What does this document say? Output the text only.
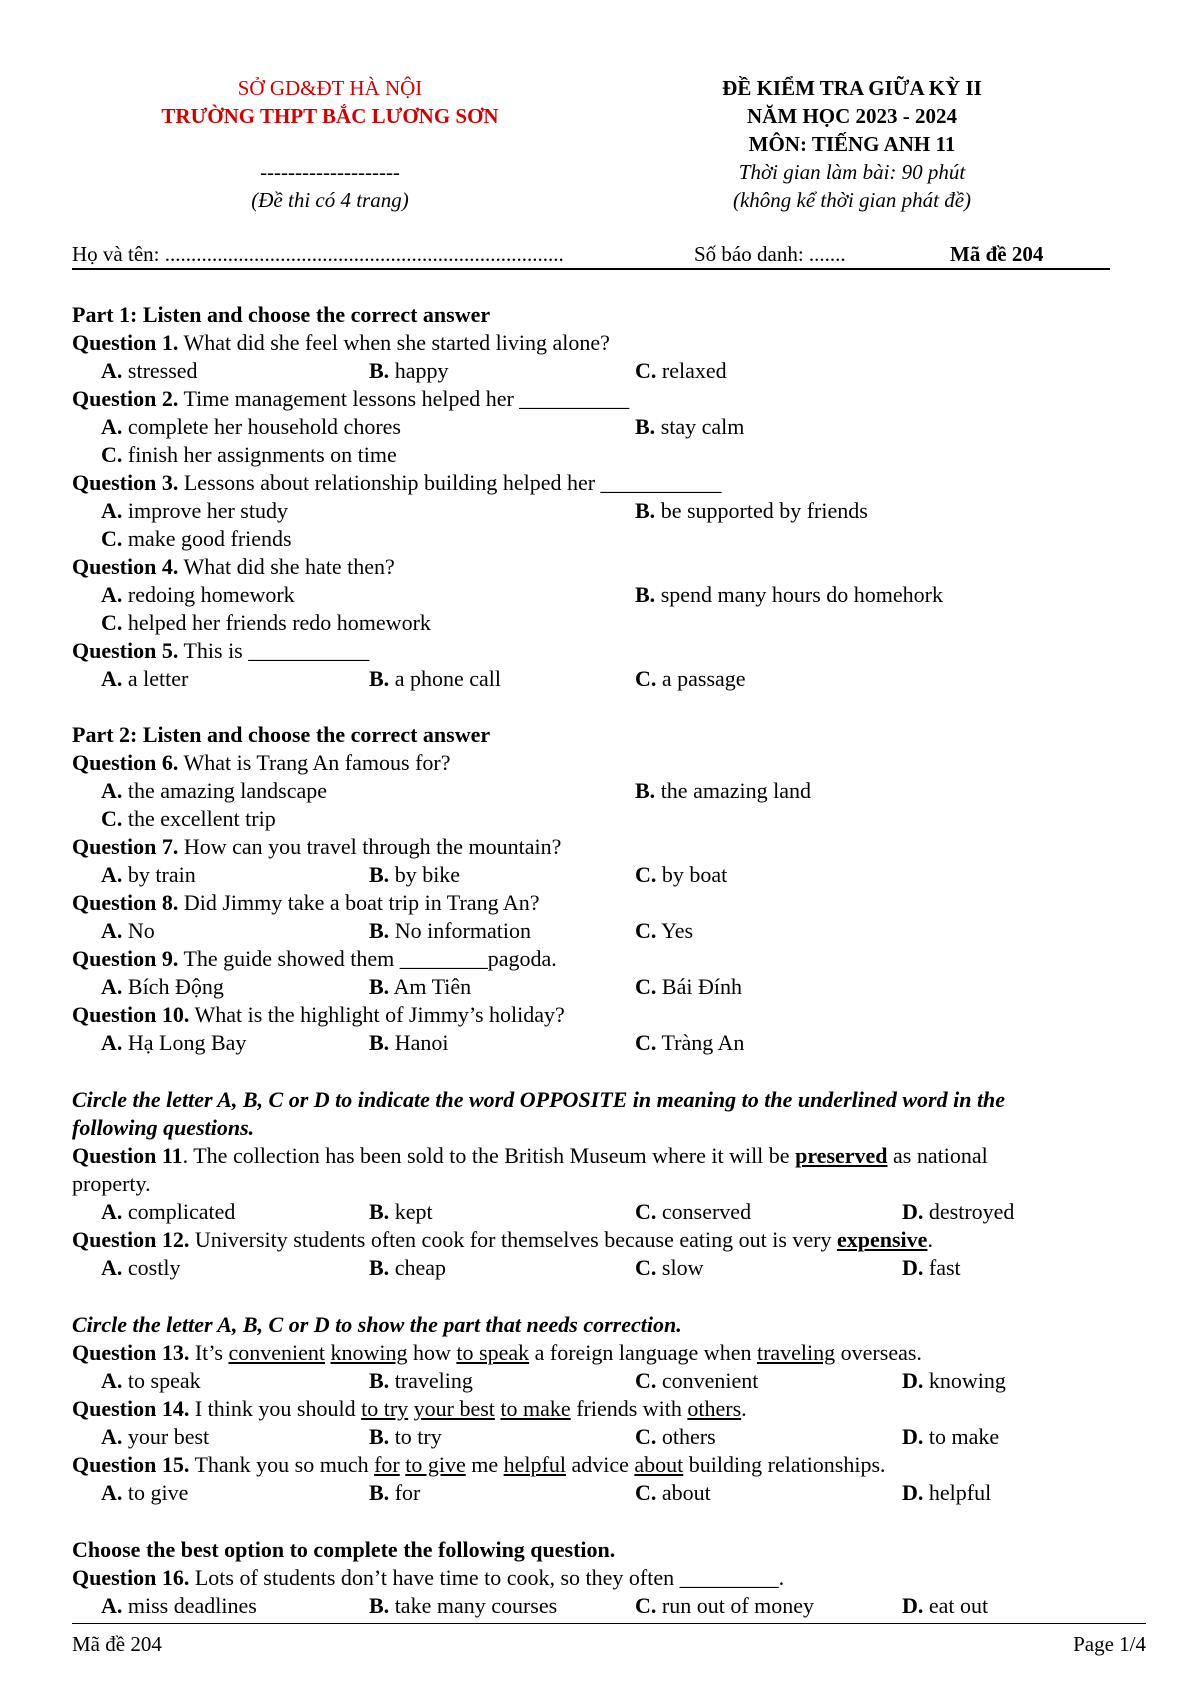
SỞ GD&ĐT HÀ NỘI
TRƯỜNG THPT BẮC LƯƠNG SƠN
--------------------
(Đề thi có 4 trang)
ĐỀ KIỂM TRA GIỮA KỲ II
NĂM HỌC 2023 - 2024
MÔN: TIẾNG ANH 11
Thời gian làm bài: 90 phút
(không kể thời gian phát đề)
Họ và tên: ............................................................................	Số báo danh: .......	Mã đề 204
Part 1: Listen and choose the correct answer
Question 1. What did she feel when she started living alone?
A. stressed	B. happy	C. relaxed
Question 2. Time management lessons helped her __________
A. complete her household chores	B. stay calm
C. finish her assignments on time
Question 3. Lessons about relationship building helped her ___________
A. improve her study	B. be supported by friends
C. make good friends
Question 4. What did she hate then?
A. redoing homework	B. spend many hours do homehork
C. helped her friends redo homework
Question 5. This is ___________
A. a letter	B. a phone call	C. a passage
Part 2: Listen and choose the correct answer
Question 6. What is Trang An famous for?
A. the amazing landscape	B. the amazing land
C. the excellent trip
Question 7. How can you travel through the mountain?
A. by train	B. by bike	C. by boat
Question 8. Did Jimmy take a boat trip in Trang An?
A. No	B. No information	C. Yes
Question 9. The guide showed them ________pagoda.
A. Bích Động	B. Am Tiên	C. Bái Đính
Question 10. What is the highlight of Jimmy’s holiday?
A. Hạ Long Bay	B. Hanoi	C. Tràng An
Circle the letter A, B, C or D to indicate the word OPPOSITE in meaning to the underlined word in the
following questions.
Question 11. The collection has been sold to the British Museum where it will be preserved as national
property.
A. complicated	B. kept	C. conserved	D. destroyed
Question 12. University students often cook for themselves because eating out is very expensive.
A. costly	B. cheap	C. slow	D. fast
Circle the letter A, B, C or D to show the part that needs correction.
Question 13. It’s convenient knowing how to speak a foreign language when traveling overseas.
A. to speak	B. traveling	C. convenient	D. knowing
Question 14. I think you should to try your best to make friends with others.
A. your best	B. to try	C. others	D. to make
Question 15. Thank you so much for to give me helpful advice about building relationships.
A. to give	B. for	C. about	D. helpful
Choose the best option to complete the following question.
Question 16. Lots of students don’t have time to cook, so they often _________.
A. miss deadlines	B. take many courses	C. run out of money	D. eat out
Mã đề 204	Page 1/4
